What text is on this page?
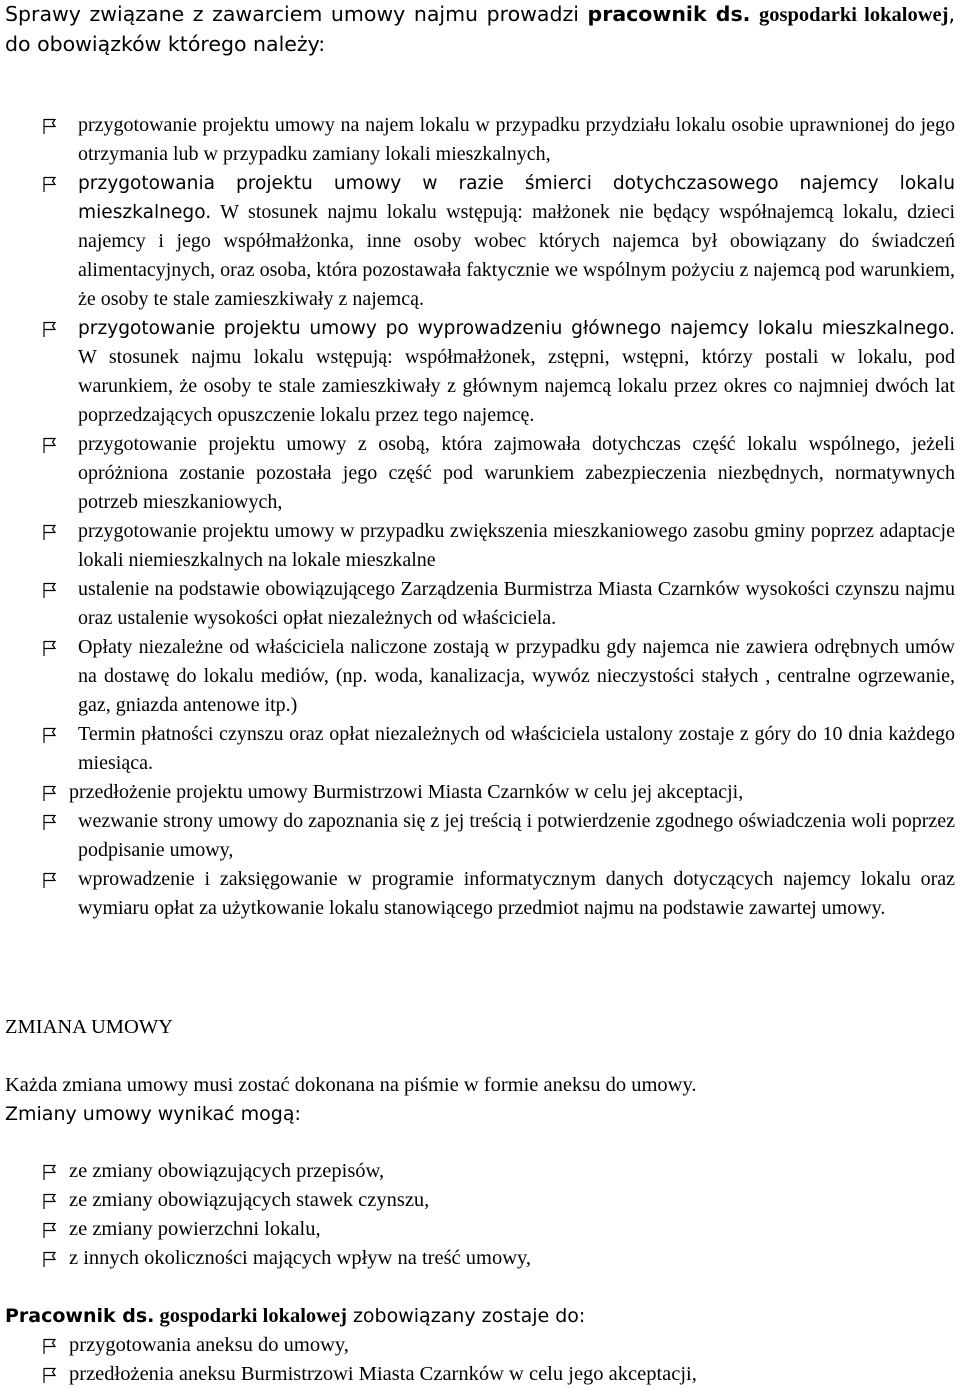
Sprawy związane z zawarciem umowy najmu prowadzi pracownik ds. gospodarki lokalowej, do obowiązków którego należy:

przygotowanie projektu umowy na najem lokalu w przypadku przydziału lokalu osobie uprawnionej do jego otrzymania lub w przypadku zamiany lokali mieszkalnych,
przygotowania projektu umowy w razie śmierci dotychczasowego najemcy lokalu mieszkalnego. W stosunek najmu lokalu wstępują: małżonek nie będący współnajemcą lokalu, dzieci najemcy i jego współmałżonka, inne osoby wobec których najemca był obowiązany do świadczeń alimentacyjnych, oraz osoba, która pozostawała faktycznie we wspólnym pożyciu z najemcą pod warunkiem, że osoby te stale zamieszkiwały z najemcą.
przygotowanie projektu umowy po wyprowadzeniu głównego najemcy lokalu mieszkalnego. W stosunek najmu lokalu wstępują: współmałżonek, zstępni, wstępni, którzy postali w lokalu, pod warunkiem, że osoby te stale zamieszkiwały z głównym najemcą lokalu przez okres co najmniej dwóch lat poprzedzających opuszczenie lokalu przez tego najemcę.
przygotowanie projektu umowy z osobą, która zajmowała dotychczas część lokalu wspólnego, jeżeli opróżniona zostanie pozostała jego część pod warunkiem zabezpieczenia niezbędnych, normatywnych potrzeb mieszkaniowych,
przygotowanie projektu umowy w przypadku zwiększenia mieszkaniowego zasobu gminy poprzez adaptacje lokali niemieszkalnych na lokale mieszkalne
ustalenie na podstawie obowiązującego Zarządzenia Burmistrza Miasta Czarnków wysokości czynszu najmu oraz ustalenie wysokości opłat niezależnych od właściciela.
Opłaty niezależne od właściciela naliczone zostają w przypadku gdy najemca nie zawiera odrębnych umów na dostawę do lokalu mediów, (np. woda, kanalizacja, wywóz nieczystości stałych , centralne ogrzewanie, gaz, gniazda antenowe itp.)
Termin płatności czynszu oraz opłat niezależnych od właściciela ustalony zostaje z góry do 10 dnia każdego miesiąca.
przedłożenie projektu umowy Burmistrzowi Miasta Czarnków w celu jej akceptacji,
wezwanie strony umowy do zapoznania się z jej treścią i potwierdzenie zgodnego oświadczenia woli poprzez podpisanie umowy,
wprowadzenie i zaksięgowanie w programie informatycznym danych dotyczących najemcy lokalu oraz wymiaru opłat za użytkowanie lokalu stanowiącego przedmiot najmu na podstawie zawartej umowy.

ZMIANA UMOWY

Każda zmiana umowy musi zostać dokonana na piśmie w formie aneksu do umowy.
Zmiany umowy wynikać mogą:
ze zmiany obowiązujących przepisów,
ze zmiany obowiązujących stawek czynszu,
ze zmiany powierzchni lokalu,
z innych okoliczności mających wpływ na treść umowy,

Pracownik ds. gospodarki lokalowej zobowiązany zostaje do:

przygotowania aneksu do umowy,
przedłożenia aneksu Burmistrzowi Miasta Czarnków w celu jego akceptacji,
